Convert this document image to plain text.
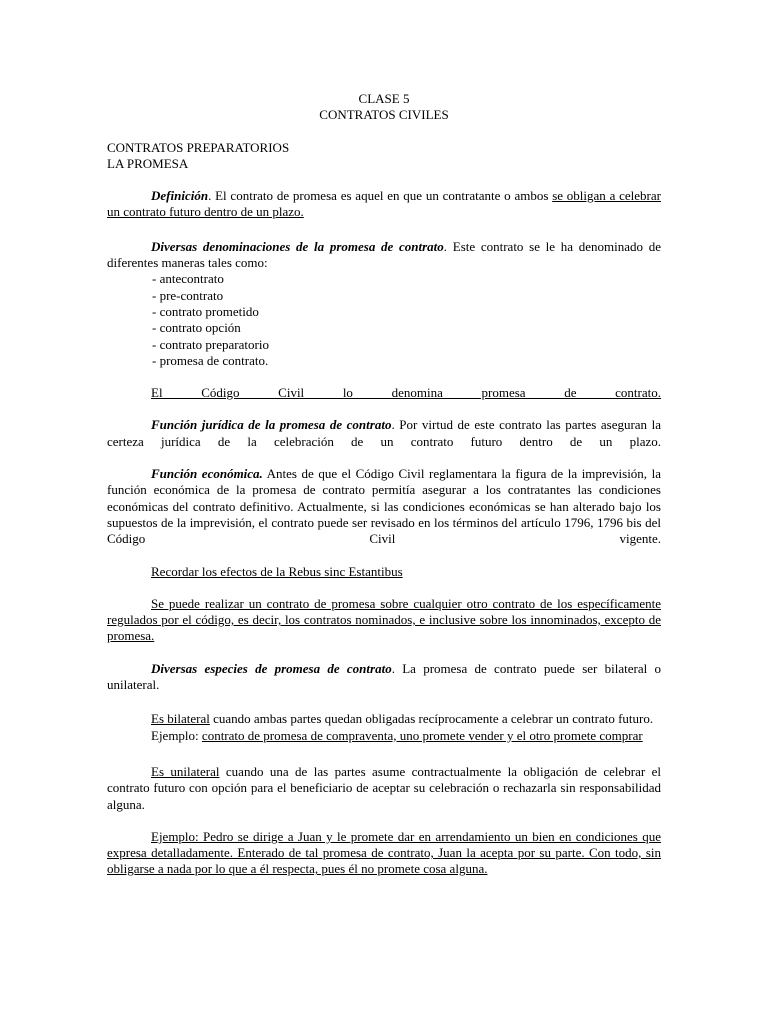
CLASE 5

CONTRATOS CIVILES

CONTRATOS PREPARATORIOS

LA PROMESA

Definición. El contrato de promesa es aquel en que un contratante o ambos se obligan a celebrar un contrato futuro dentro de un plazo.

Diversas denominaciones de la promesa de contrato. Este contrato se le ha denominado de diferentes maneras tales como:

- antecontrato
- pre-contrato
- contrato prometido
- contrato opción
- contrato preparatorio
- promesa de contrato.

El Código Civil lo denomina promesa de contrato.

Función jurídica de la promesa de contrato. Por virtud de este contrato las partes aseguran la certeza jurídica de la celebración de un contrato futuro dentro de un plazo.

Función económica. Antes de que el Código Civil reglamentara la figura de la imprevisión, la función económica de la promesa de contrato permitía asegurar a los contratantes las condiciones económicas del contrato definitivo. Actualmente, si las condiciones económicas se han alterado bajo los supuestos de la imprevisión, el contrato puede ser revisado en los términos del artículo 1796, 1796 bis del Código Civil vigente.

Recordar los efectos de la Rebus sinc Estantibus

Se puede realizar un contrato de promesa sobre cualquier otro contrato de los específicamente regulados por el código, es decir, los contratos nominados, e inclusive sobre los innominados, excepto de promesa.

Diversas especies de promesa de contrato. La promesa de contrato puede ser bilateral o unilateral.

Es bilateral cuando ambas partes quedan obligadas recíprocamente a celebrar un contrato futuro.

Ejemplo: contrato de promesa de compraventa, uno promete vender y el otro promete comprar

Es unilateral cuando una de las partes asume contractualmente la obligación de celebrar el contrato futuro con opción para el beneficiario de aceptar su celebración o rechazarla sin responsabilidad alguna.

Ejemplo: Pedro se dirige a Juan y le promete dar en arrendamiento un bien en condiciones que expresa detalladamente. Enterado de tal promesa de contrato, Juan la acepta por su parte. Con todo, sin obligarse a nada por lo que a él respecta, pues él no promete cosa alguna.
